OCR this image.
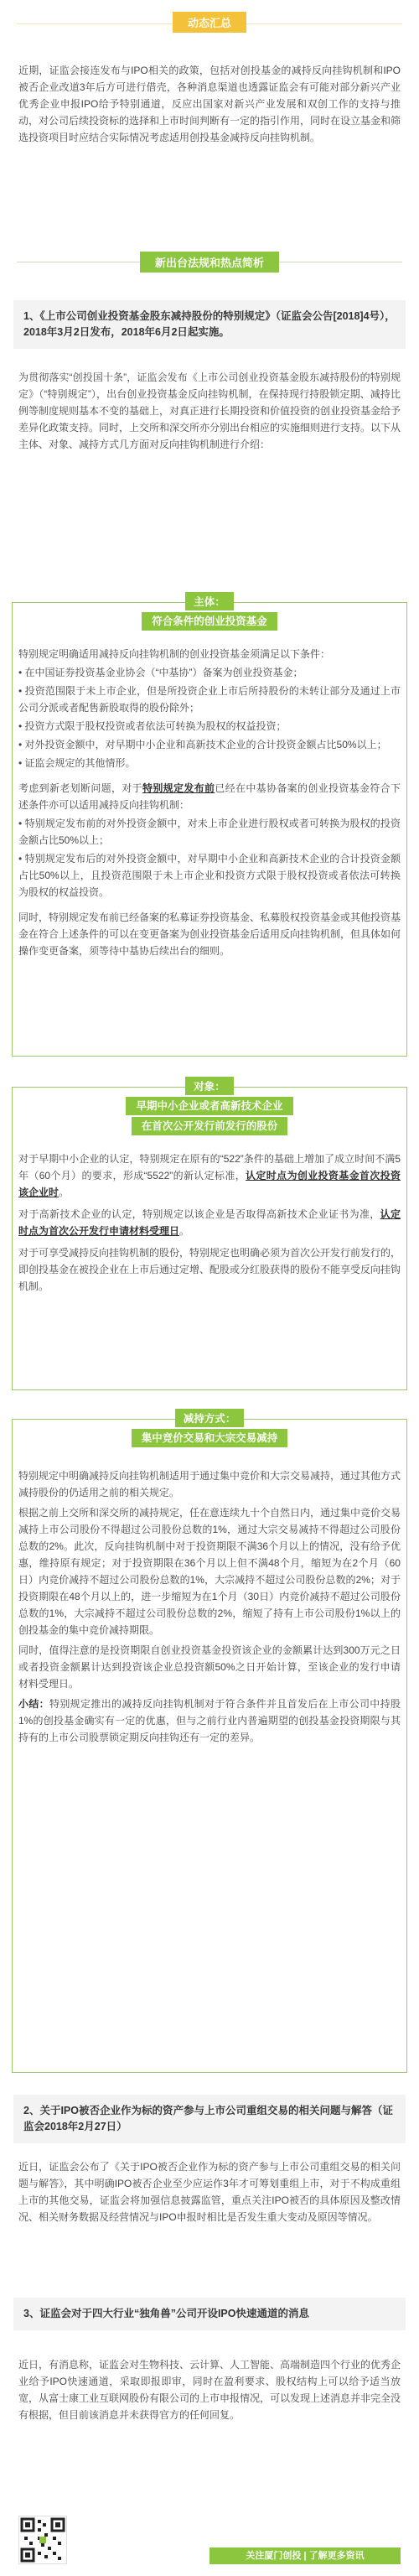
动态汇总
近期，证监会接连发布与IPO相关的政策，包括对创投基金的减持反向挂钩机制和IPO被否企业改道3年后方可进行借壳，各种消息渠道也透露证监会有可能对部分新兴产业优秀企业申报IPO给予特别通道，反应出国家对新兴产业发展和双创工作的支持与推动，对公司后续投资标的选择和上市时间判断有一定的指引作用，同时在设立基金和筛选投资项目时应结合实际情况考虑适用创投基金减持反向挂钩机制。
新出台法规和热点简析
1、《上市公司创业投资基金股东减持股份的特别规定》（证监会公告[2018]4号），2018年3月2日发布，2018年6月2日起实施。
为贯彻落实“创投国十条”，证监会发布《上市公司创业投资基金股东减持股份的特别规定》（“特别规定”），出台创业投资基金反向挂钩机制，在保持现行持股锁定期、减持比例等制度规则基本不变的基础上，对真正进行长期投资和价值投资的创业投资基金给予差异化政策支持。同时，上交所和深交所亦分别出台相应的实施细则进行支持。以下从主体、对象、减持方式几方面对反向挂钩机制进行介绍：
主体：
符合条件的创业投资基金
特别规定明确适用减持反向挂钩机制的创业投资基金须满足以下条件：
• 在中国证券投资基金业协会（“中基协”）备案为创业投资基金；
• 投资范围限于未上市企业，但是所投资企业上市后所持股份的未转让部分及通过上市公司分派或者配售新股取得的股份除外；
• 投资方式限于股权投资或者依法可转换为股权的权益投资；
• 对外投资金额中，对早期中小企业和高新技术企业的合计投资金额占比50%以上；
• 证监会规定的其他情形。
考虑到新老划断问题，对于特别规定发布前已经在中基协备案的创业投资基金符合下述条件亦可以适用减持反向挂钩机制：
• 特别规定发布前的对外投资金额中，对未上市企业进行股权或者可转换为股权的投资金额占比50%以上；
• 特别规定发布后的对外投资金额中，对早期中小企业和高新技术企业的合计投资金额占比50%以上，且投资范围限于未上市企业和投资方式限于股权投资或者依法可转换为股权的权益投资。
同时，特别规定发布前已经备案的私募证券投资基金、私募股权投资基金或其他投资基金在符合上述条件的可以在变更备案为创业投资基金后适用反向挂钩机制，但具体如何操作变更备案，须等待中基协后续出台的细则。
对象：
早期中小企业或者高新技术企业
在首次公开发行前发行的股份
对于早期中小企业的认定，特别规定在原有的“522”条件的基础上增加了成立时间不满5年（60个月）的要求，形成“5522”的新认定标准，认定时点为创业投资基金首次投资该企业时。
对于高新技术企业的认定，特别规定以该企业是否取得高新技术企业证书为准，认定时点为首次公开发行申请材料受理日。
对于可享受减持反向挂钩机制的股份，特别规定也明确必须为首次公开发行前发行的，即创投基金在被投企业在上市后通过定增、配股或分红股获得的股份不能享受反向挂钩机制。
减持方式：
集中竞价交易和大宗交易减持
特别规定中明确减持反向挂钩机制适用于通过集中竞价和大宗交易减持，通过其他方式减持股份的仍适用之前的相关规定。
根据之前上交所和深交所的减持规定，任在意连续九十个自然日内，通过集中竞价交易减持上市公司股份不得超过公司股份总数的1%，通过大宗交易减持不得超过公司股份总数的2%。此次，反向挂钩机制中对于投资期限不满36个月以上的情况，没有给予优惠，维持原有规定；对于投资期限在36个月以上但不满48个月，缩短为在2个月（60日）内竞价减持不超过公司股份总数的1%，大宗减持不超过公司股份总数的2%；对于投资期限在48个月以上的，进一步缩短为在1个月（30日）内竞价减持不超过公司股份总数的1%，大宗减持不超过公司股份总数的2%，缩短了持有上市公司股份1%以上的创投基金的集中竞价减持期限。
同时，值得注意的是投资期限自创业投资基金投资该企业的金额累计达到300万元之日或者投资金额累计达到投资该企业总投资额50%之日开始计算，至该企业的发行申请材料受理日。
小结：特别规定推出的减持反向挂钩机制对于符合条件并且首发后在上市公司中持股1%的创投基金确实有一定的优惠，但与之前行业内普遍期望的创投基金投资期限与其持有的上市公司股票锁定期反向挂钩还有一定的差异。
2、关于IPO被否企业作为标的资产参与上市公司重组交易的相关问题与解答（证监会2018年2月27日）
近日，证监会公布了《关于IPO被否企业作为标的资产参与上市公司重组交易的相关问题与解答》，其中明确IPO被否企业至少应运作3年才可筹划重组上市，对于不构成重组上市的其他交易，证监会将加强信息披露监管，重点关注IPO被否的具体原因及整改情况、相关财务数据及经营情况与IPO申报时相比是否发生重大变动及原因等情况。
3、证监会对于四大行业“独角兽”公司开设IPO快速通道的消息
近日，有消息称，证监会对生物科技、云计算、人工智能、高端制造四个行业的优秀企业给予IPO快速通道，采取即报即审，同时在盈利要求、股权结构上可以给予适当放宽，从富士康工业互联网股份有限公司的上市申报情况，可以发现上述消息并非完全没有根据，但目前该消息并未获得官方的任何回复。
关注厦门创投 | 了解更多资讯
